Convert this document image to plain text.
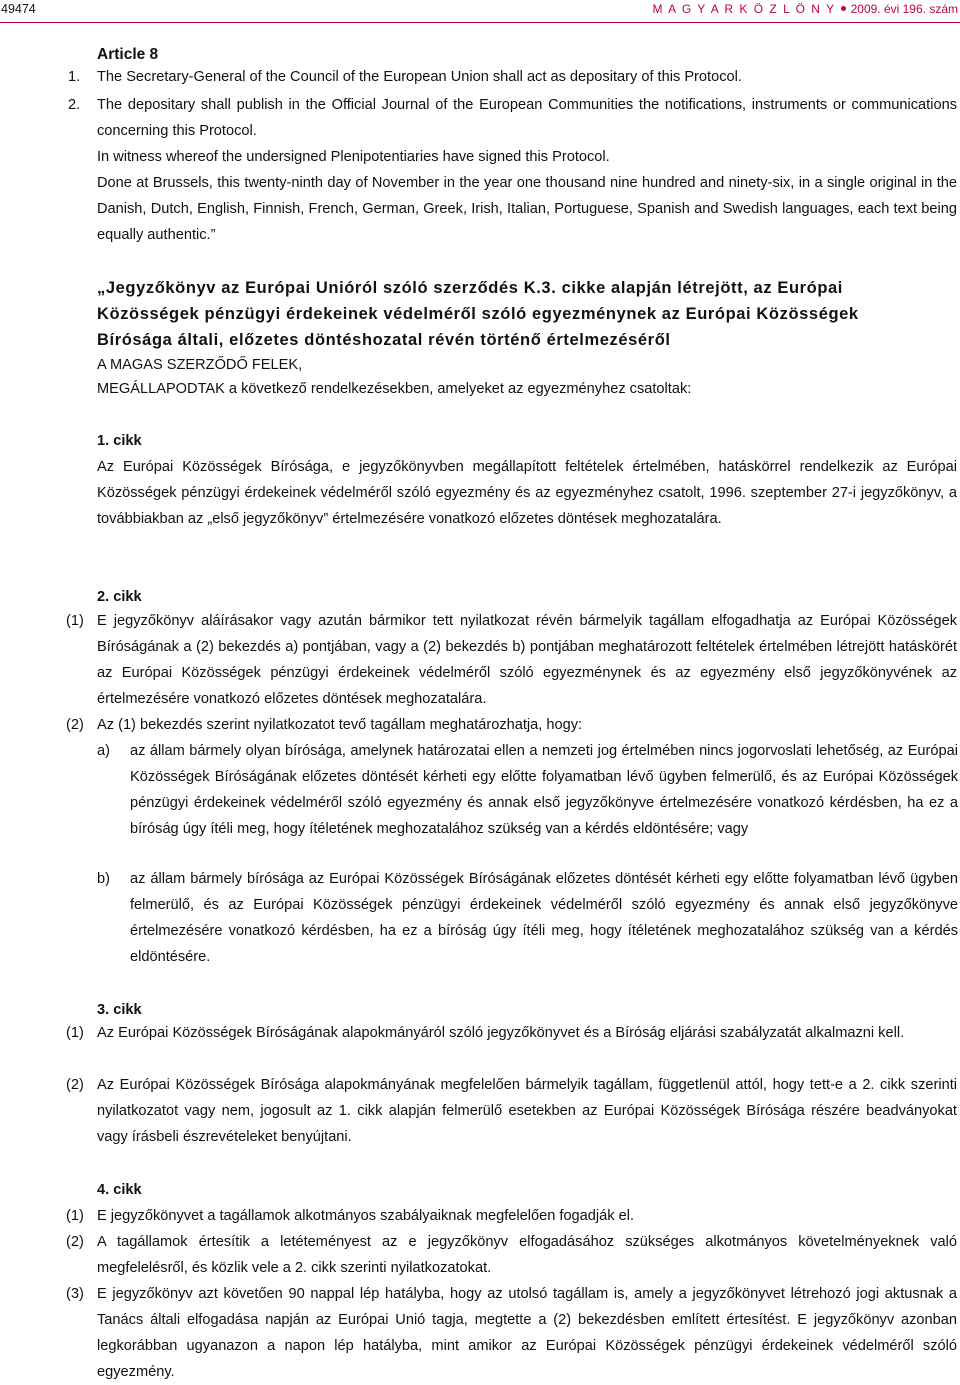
49474	M A G Y A R K Ö Z L Ö N Y 2009. évi 196. szám
Article 8
1. The Secretary-General of the Council of the European Union shall act as depositary of this Protocol.
2. The depositary shall publish in the Official Journal of the European Communities the notifications, instruments or communications concerning this Protocol.
In witness whereof the undersigned Plenipotentiaries have signed this Protocol.
Done at Brussels, this twenty-ninth day of November in the year one thousand nine hundred and ninety-six, in a single original in the Danish, Dutch, English, Finnish, French, German, Greek, Irish, Italian, Portuguese, Spanish and Swedish languages, each text being equally authentic.”
„Jegyzőkönyv az Európai Unióról szóló szerződés K.3. cikke alapján létrejött, az Európai
Közösségek pénzügyi érdekeinek védelméről szóló egyezménynek az Európai Közösségek
Bírósága általi, előzetes döntéshozatal révén történő értelmezéséről
A MAGAS SZERZŐDŐ FELEK,
MEGÁLLAPODTAK a következő rendelkezésekben, amelyeket az egyezményhez csatoltak:
1. cikk
Az Európai Közösségek Bírósága, e jegyzőkönyvben megállapított feltételek értelmében, hatáskörrel rendelkezik az Európai Közösségek pénzügyi érdekeinek védelméről szóló egyezmény és az egyezményhez csatolt, 1996. szeptember 27-i jegyzőkönyv, a továbbiakban az „első jegyzőkönyv” értelmezésére vonatkozó előzetes döntések meghozatalára.
2. cikk
(1) E jegyzőkönyv aláírásakor vagy azután bármikor tett nyilatkozat révén bármelyik tagállam elfogadhatja az Európai Közösségek Bíróságának a (2) bekezdés a) pontjában, vagy a (2) bekezdés b) pontjában meghatározott feltételek értelmében létrejött hatáskörét az Európai Közösségek pénzügyi érdekeinek védelméről szóló egyezménynek és az egyezmény első jegyzőkönyvének az értelmezésére vonatkozó előzetes döntések meghozatalára.
(2) Az (1) bekezdés szerint nyilatkozatot tevő tagállam meghatározhatja, hogy:
a) az állam bármely olyan bírósága, amelynek határozatai ellen a nemzeti jog értelmében nincs jogorvoslati lehetőség, az Európai Közösségek Bíróságának előzetes döntését kérheti egy előtte folyamatban lévő ügyben felmerülő, és az Európai Közösségek pénzügyi érdekeinek védelméről szóló egyezmény és annak első jegyzőkönyve értelmezésére vonatkozó kérdésben, ha ez a bíróság úgy ítéli meg, hogy ítéletének meghozatalához szükség van a kérdés eldöntésére; vagy
b) az állam bármely bírósága az Európai Közösségek Bíróságának előzetes döntését kérheti egy előtte folyamatban lévő ügyben felmerülő, és az Európai Közösségek pénzügyi érdekeinek védelméről szóló egyezmény és annak első jegyzőkönyve értelmezésére vonatkozó kérdésben, ha ez a bíróság úgy ítéli meg, hogy ítéletének meghozatalához szükség van a kérdés eldöntésére.
3. cikk
(1) Az Európai Közösségek Bíróságának alapokmányáról szóló jegyzőkönyvet és a Bíróság eljárási szabályzatát alkalmazni kell.
(2) Az Európai Közösségek Bírósága alapokmányának megfelelően bármelyik tagállam, függetlenül attól, hogy tett-e a 2. cikk szerinti nyilatkozatot vagy nem, jogosult az 1. cikk alapján felmerülő esetekben az Európai Közösségek Bírósága részére beadványokat vagy írásbeli észrevételeket benyújtani.
4. cikk
(1) E jegyzőkönyvet a tagállamok alkotmányos szabályaiknak megfelelően fogadják el.
(2) A tagállamok értesítik a letéteményest az e jegyzőkönyv elfogadásához szükséges alkotmányos követelményeknek való megfelelésről, és közlik vele a 2. cikk szerinti nyilatkozatokat.
(3) E jegyzőkönyv azt követően 90 nappal lép hatályba, hogy az utolsó tagállam is, amely a jegyzőkönyvet létrehozó jogi aktusnak a Tanács általi elfogadása napján az Európai Unió tagja, megtette a (2) bekezdésben említett értesítést. E jegyzőkönyv azonban legkorábban ugyanazon a napon lép hatályba, mint amikor az Európai Közösségek pénzügyi érdekeinek védelméről szóló egyezmény.
